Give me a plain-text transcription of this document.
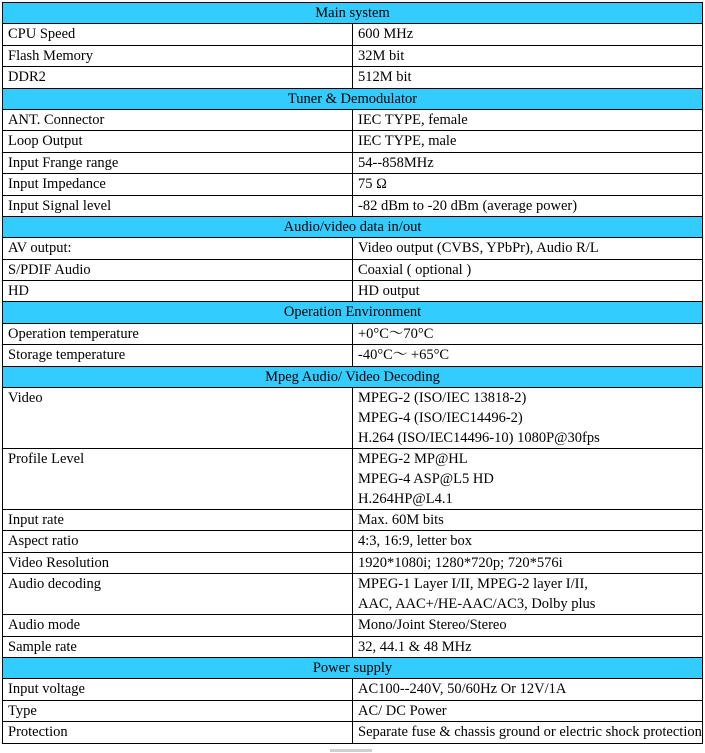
Main system	
CPU Speed	600 MHz

Flash Memory	32M bit

DDR2	512M bit

Tuner & Demodulator	
ANT. Connector	IEC TYPE, female

Loop Output	IEC TYPE, male

Input Frange range	54--858MHz

Input Impedance	75 Ω

Input Signal level	-82 dBm to -20 dBm (average power)

Audio/video data in/out	
AV output:	Video output (CVBS, YPbPr), Audio R/L

S/PDIF Audio	Coaxial ( optional )

HD	HD output

Operation Environment	
Operation temperature	+0°C～70°C

Storage temperature	-40°C～ +65°C

Mpeg Audio/ Video Decoding	
Video	MPEG-2 (ISO/IEC 13818-2)
MPEG-4 (ISO/IEC14496-2)
H.264 (ISO/IEC14496-10) 1080P@30fps

Profile Level	MPEG-2 MP@HL
MPEG-4 ASP@L5 HD
H.264HP@L4.1

Input rate	Max. 60M bits

Aspect ratio	4:3, 16:9, letter box

Video Resolution	1920*1080i; 1280*720p; 720*576i

Audio decoding	MPEG-1 Layer I/II, MPEG-2 layer I/II,
AAC, AAC+/HE-AAC/AC3, Dolby plus

Audio mode	Mono/Joint Stereo/Stereo

Sample rate	32, 44.1 & 48 MHz

Power supply	
Input voltage	AC100--240V, 50/60Hz Or 12V/1A

Type	AC/ DC Power

Protection	Separate fuse & chassis ground or electric shock protection
